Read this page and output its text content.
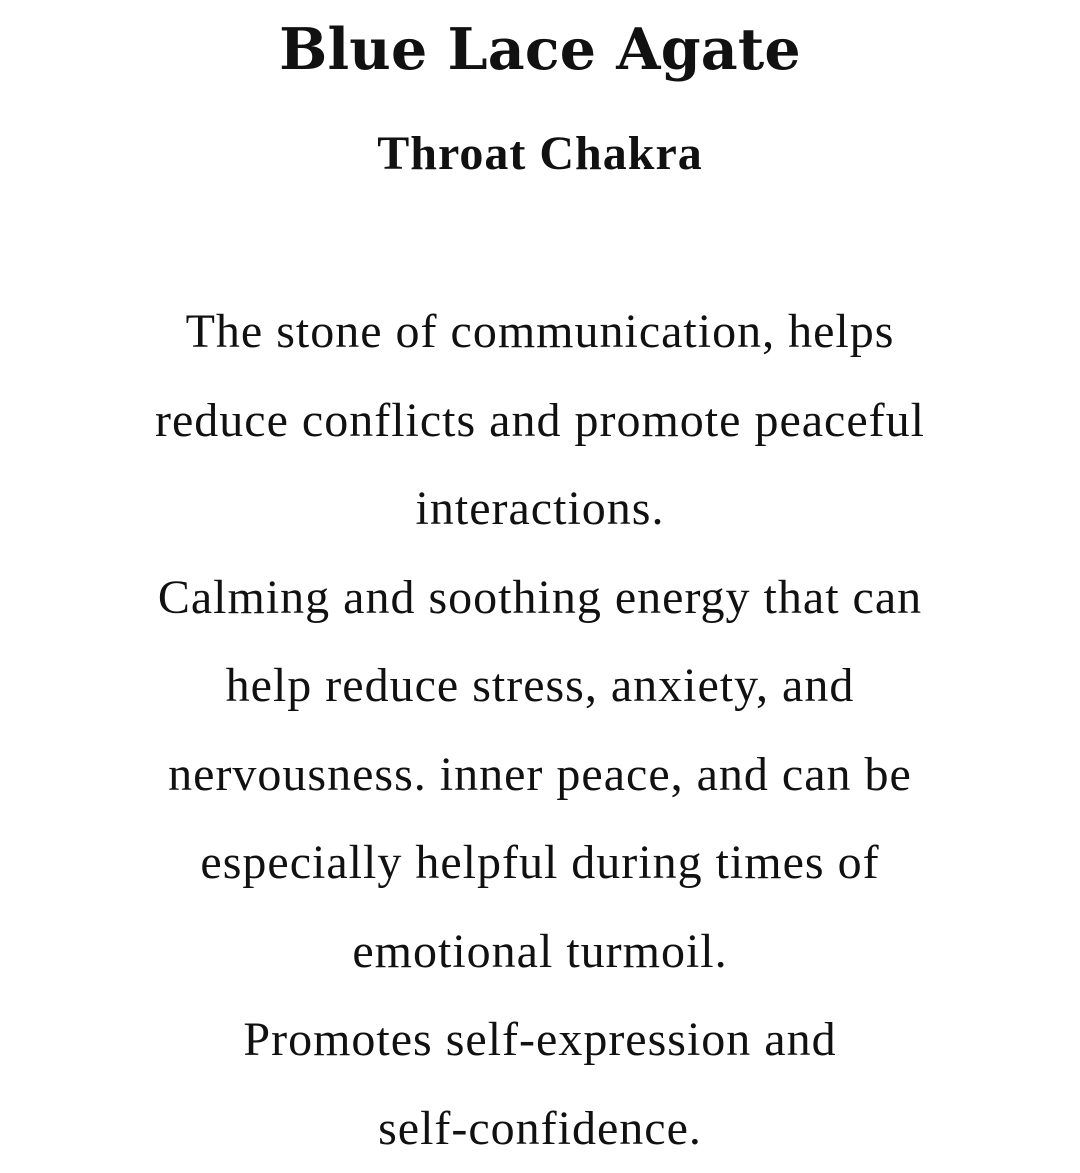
Blue Lace Agate
Throat Chakra
The stone of communication, helps
reduce conflicts and promote peaceful
interactions.
Calming and soothing energy that can
help reduce stress, anxiety, and
nervousness. inner peace, and can be
especially helpful during times of
emotional turmoil.
Promotes self-expression and
self-confidence.
